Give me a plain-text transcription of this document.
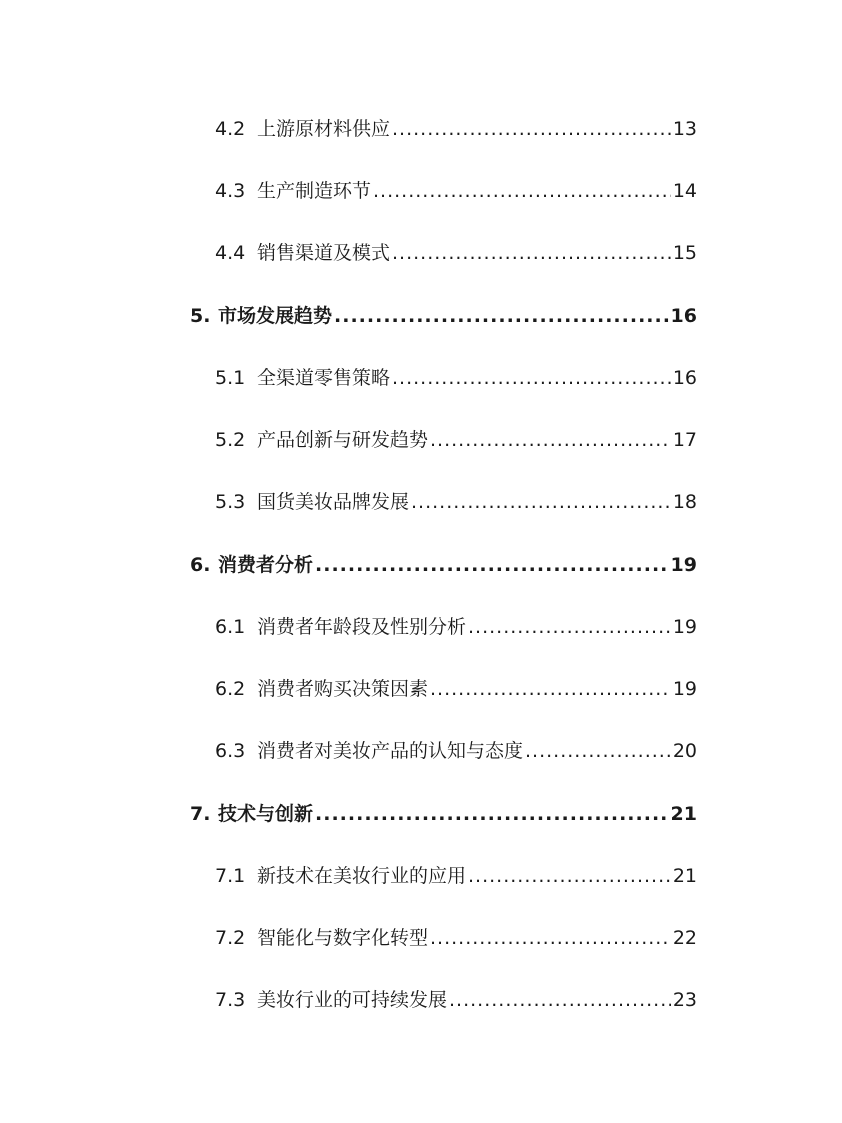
4.2 上游原材料供应 .....	13
4.3 生产制造环节 .....	14
4.4 销售渠道及模式 .....	15
5. 市场发展趋势 .....	16
5.1 全渠道零售策略 .....	16
5.2 产品创新与研发趋势 .....	17
5.3 国货美妆品牌发展 .....	18
6. 消费者分析 .....	19
6.1 消费者年龄段及性别分析 .....	19
6.2 消费者购买决策因素 .....	19
6.3 消费者对美妆产品的认知与态度 .....	20
7. 技术与创新 .....	21
7.1 新技术在美妆行业的应用 .....	21
7.2 智能化与数字化转型 .....	22
7.3 美妆行业的可持续发展 .....	23
